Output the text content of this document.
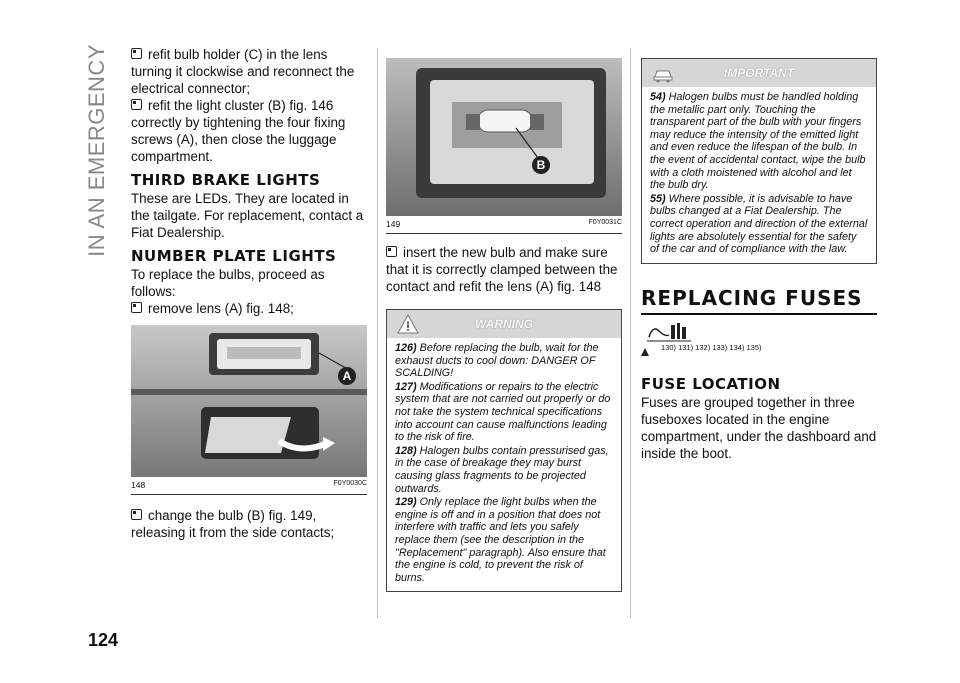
IN AN EMERGENCY
124

refit bulb holder (C) in the lens turning it clockwise and reconnect the electrical connector;

refit the light cluster (B) fig. 146 correctly by tightening the four fixing screws (A), then close the luggage compartment.

THIRD BRAKE LIGHTS

These are LEDs. They are located in the tailgate. For replacement, contact a Fiat Dealership.

NUMBER PLATE LIGHTS

To replace the bulbs, proceed as follows:

remove lens (A) fig. 148;

A
148	F0Y0030C

change the bulb (B) fig. 149, releasing it from the side contacts;

B
149	F0Y0031C

insert the new bulb and make sure that it is correctly clamped between the contact and refit the lens (A) fig. 148

WARNING

126) Before replacing the bulb, wait for the exhaust ducts to cool down: DANGER OF SCALDING!

127) Modifications or repairs to the electric system that are not carried out properly or do not take the system technical specifications into account can cause malfunctions leading to the risk of fire.

128) Halogen bulbs contain pressurised gas, in the case of breakage they may burst causing glass fragments to be projected outwards.

129) Only replace the light bulbs when the engine is off and in a position that does not interfere with traffic and lets you safely replace them (see the description in the "Replacement" paragraph). Also ensure that the engine is cold, to prevent the risk of burns.

IMPORTANT

54) Halogen bulbs must be handled holding the metallic part only. Touching the transparent part of the bulb with your fingers may reduce the intensity of the emitted light and even reduce the lifespan of the bulb. In the event of accidental contact, wipe the bulb with a cloth moistened with alcohol and let the bulb dry.

55) Where possible, it is advisable to have bulbs changed at a Fiat Dealership. The correct operation and direction of the external lights are absolutely essential for the safety of the car and of compliance with the law.

REPLACING FUSES
130) 131) 132) 133) 134) 135)
FUSE LOCATION

Fuses are grouped together in three fuseboxes located in the engine compartment, under the dashboard and inside the boot.
